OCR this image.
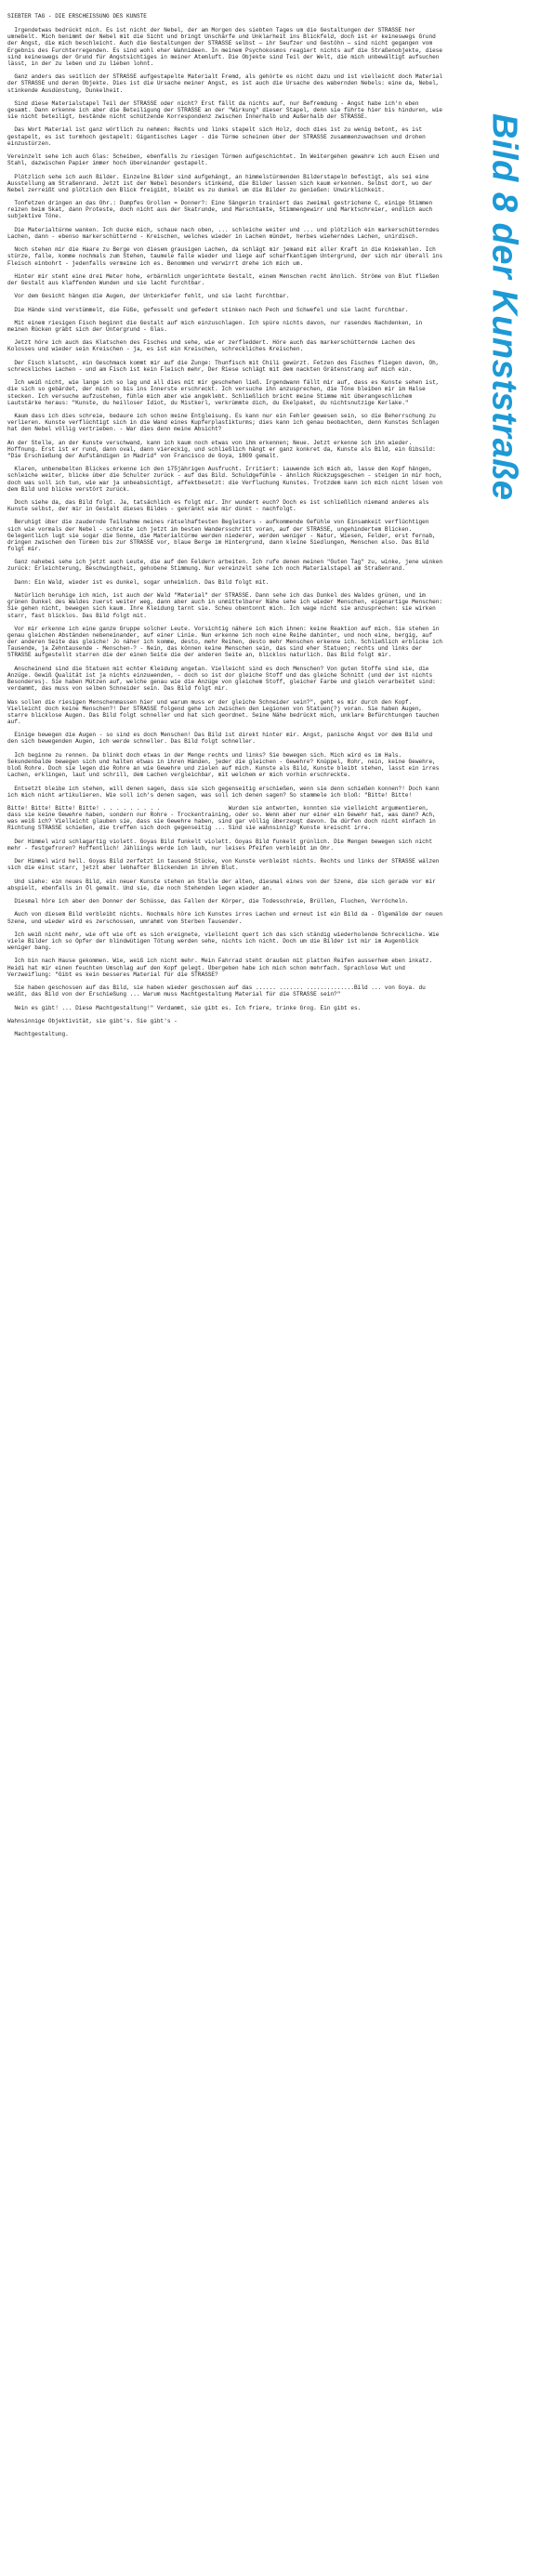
SIEBTER TAG - DIE ERSCHEISSUNG DES KUNSTE

Irgendetwas bedrückt mich. Es ist nicht der Nebel, der am Morgen des siebten Tages um die Gestaltungen der STRASSE her umnebelt. Mich benimmt der Nebel mit die Sicht und bringt Unschärfe und Unklarheit ins Blickfeld, doch ist er keineswegs Grund der Angst, die mich beschleicht. Auch die Gestaltungen der STRASSE selbst — ihr Seufzer und Gestöhn — sind nicht gegangen vom Ergebnis des Furchterregenden. Es sind wohl eher Wahnideen. In meinem Psychokosmos reagiert nichts auf die Straßenobjekte, diese sind keineswegs der Grund für Angstsichtiges in meiner Atemluft. Die Objekte sind Teil der Welt, die mich unbewältigt aufsuchen lässt, in der zu leben und zu lieben lohnt.

Ganz anders das seitlich der STRASSE aufgestapelte Materialt Fremd, als gehörte es nicht dazu und ist vielleicht doch Material der STRASSE und deren Objekte. Dies ist die Ursache meiner Angst, es ist auch die Ursache des wabernden Nebels: eine da, Nebel, stinkende Ausdünstung, Dunkelheit.

Sind diese Materialstapel Teil der STRASSE oder nicht? Erst fällt da nichts auf, nur Befremdung - Angst habe ich'n eben gesamt. Dann erkenne ich aber die Beteiligung der STRASSE an der "Wirkung" dieser Stapel, denn sie führte hier bis hinduren, wie sie nicht beteiligt, bestände nicht schützende Korrespondenz zwischen Innerhalb und Außerhalb der STRASSE.

Das Wort Material ist ganz wörtlich zu nehmen: Rechts und links stapelt sich Holz, doch dies ist zu wenig betont, es ist gestapelt, es ist turmhoch gestapelt: Gigantisches Lager - die Türme scheinen über der STRASSE zusammenzuwachsen und drohen einzustürzen.

Vereinzelt sehe ich auch Glas: Scheiben, ebenfalls zu riesigen Türmen aufgeschichtet. Im Weitergehen gewahre ich auch Eisen und Stahl, dazwischen Papier immer hoch übereinander gestapelt.

Plötzlich sehe ich auch Bilder. Einzelne Bilder sind aufgehängt, an himmelstürmenden Bilderstapeln befestigt, als sei eine Ausstellung am Straßenrand. Jetzt ist der Nebel besonders stinkend, die Bilder lassen sich kaum erkennen. Selbst dort, wo der Nebel zerreißt und plötzlich den Blick freigibt, bleibt es zu dunkel um die Bilder zu genießen: Unwirklichkeit.

Tonfetzen dringen an das Ohr.: Dumpfes Grollen = Donner?: Eine Sängerin trainiert das zweimal gestrichene C, einige Stimmen reizen beim Skat, dann Proteste, doch nicht aus der Skatrunde, und Marschtakte, Stimmengewirr und Marktschreier, endlich auch subjektive Töne.

Die Materialtürme wanken. Ich ducke mich, schaue nach oben, ... schleiche weiter und ... und plötzlich ein markerschütterndes Lachen, dann - ebenso markerschütternd - Kreischen, welches wieder in Lachen mündet, herbes wieherndes Lachen, unirdisch.

Noch stehen mir die Haare zu Berge von diesem grausigen Lachen, da schlägt mir jemand mit aller Kraft in die Kniekehlen. Ich stürze, falle, komme nochmals zum Stehen, taumele falle wieder und liege auf scharfkantigem Untergrund, der sich mir überall ins Fleisch einbohrt - jedenfalls vermeine ich es. Benommen und verwirrt drehe ich mich um.

Hinter mir steht eine drei Meter hohe, erbärmlich ungerichtete Gestalt, einem Menschen recht ähnlich. Ströme von Blut fließen der Gestalt aus klaffenden Wunden und sie lacht furchtbar.

Vor dem Gesicht hängen die Augen, der Unterkiefer fehlt, und sie lacht furchtbar.

Die Hände sind verstümmelt, die Füße, gefesselt und gefedert stinken nach Pech und Schwefel und sie lacht furchtbar.

Mit einem riesigen Fisch beginnt die Gestalt auf mich einzuschlagen. Ich spüre nichts davon, nur rasendes Nachdenken, in meinen Rücken gräbt sich der Untergrund - Glas.

Jetzt höre ich auch das Klatschen des Fisches und sehe, wie er zerfleddert. Höre auch das markerschütternde Lachen des Kolosses und wieder sein Kreischen - ja, es ist ein Kreischen, schreckliches Kreischen.

Der Fisch klatscht, ein Geschmack kommt mir auf die Zunge: Thunfisch mit Chili gewürzt. Fetzen des Fisches fliegen davon, Oh, schreckliches Lachen - und am Fisch ist kein Fleisch mehr, Der Riese schlägt mit dem nackten Grätenstrang auf mich ein.

Ich weiß nicht, wie lange ich so lag und all dies mit mir geschehen ließ. Irgendwann fällt mir auf, dass es Kunste sehen ist, die sich so gebärdet, der mich so bis ins Innerste erschreckt. Ich versuche ihn anzusprechen, die Töne bleiben mir im Halse stecken. Ich versuche aufzustehen, fühle mich aber wie angeklebt. Schließlich bricht meine Stimme mit überangeschlichem Lautstärke heraus: "Kunste, du heilloser Idiot, du Mistkerl, verkrümmte dich, du Ekelpaket, du nichtsnutzige Kerlake."

Kaum dass ich dies schreie, bedaure ich schon meine Entgleisung. Es kann nur ein Fehler gewesen sein, so die Beherrschung zu verlieren. Kunste verflüchtigt sich in die Wand eines Kupferplastikturms; dies kann ich genau beobachten, denn Kunstes Schlagen hat den Nebel völlig vertrieben. - War dies denn meine Absicht?

An der Stelle, an der Kunste verschwand, kann ich kaum noch etwas von ihm erkennen; Neue. Jetzt erkenne ich ihn wieder. Hoffnung. Erst ist er rund, dann oval, dann viereckig, und schließlich hängt er ganz konkret da, Kunste als Bild, ein Gibsild: "Die Erschießung der Aufständigen in Madrid" von Francisco de Goya, 1809 gemalt.

Klaren, unbenebelten Blickes erkenne ich den 175jährigen Ausfrucht. Irritiert: Lauwende ich mich ab, lasse den Kopf hängen, schleiche weiter, blicke über die Schulter zurück - auf das Bild. Schuldgefühle - ähnlich Rückzugsgeschen - steigen in mir hoch, doch was soll ich tun, wie war ja unbeabsichtigt, affektbesetzt: die Verfluchung Kunstes. Trotzdem kann ich mich nicht lösen von dem Bild und blicke verstört zurück.

Doch siehe da, das Bild folgt. Ja, tatsächlich es folgt mir. Ihr wundert euch? Doch es ist schließlich niemand anderes als Kunste selbst, der mir in Gestalt dieses Bildes - gekränkt wie mir dünkt - nachfolgt.

Beruhigt über die zaudernde Teilnahme meines rätselhaftesten Begleiters - aufkommende Gefühle von Einsamkeit verflüchtigen sich wie vormals der Nebel - schreite ich jetzt im besten Wandersschritt voran, auf der STRASSE, ungehindertem Blicken. Gelegentlich lugt sie sogar die Sonne, die Materialtürme werden niederer, werden weniger - Natur, Wiesen, Felder, erst fernab, dringen zwischen den Türmen bis zur STRASSE vor, blaue Berge im Hintergrund, dann kleine Siedlungen, Menschen also. Das Bild folgt mir.

Ganz nahebei sehe ich jetzt auch Leute, die auf den Feldern arbeiten. Ich rufe denen meinen "Guten Tag" zu, winke, jene winken zurück: Erleichterung, Beschwingtheit, gehobene Stimmung. Nur vereinzelt sehe ich noch Materialstapel am Straßenrand.

Dann: Ein Wald, wieder ist es dunkel, sogar unheimlich. Das Bild folgt mit.

Natürlich beruhige ich mich, ist auch der Wald "Material" der STRASSE. Dann sehe ich das Dunkel des Waldes grünen, und im grünen Dunkel des Waldes zuerst weiter weg, dann aber auch in unmittelbarer Nähe sehe ich wieder Menschen, eigenartige Menschen: Sie gehen nicht, bewegen sich kaum. Ihre Kleidung tarnt sie. Scheu obentonnt mich. Ich wage nicht sie anzusprechen: sie wirken starr, fast blicklos. Das Bild folgt mit.

Vor mir erkenne ich eine ganze Gruppe solcher Leute. Vorsichtig nähere ich mich ihnen: keine Reaktion auf mich. Sie stehen in genau gleichen Abständen nebeneinander, auf einer Linie. Nun erkenne ich noch eine Reihe dahinter, und noch eine, bergig, auf der anderen Seite das gleiche! Jo näher ich komme, desto, mehr Reihen, desto mehr Menschen erkenne ich. Schließlich erblicke ich Tausende, ja Zehntausende - Menschen-? - Nein, das können keine Menschen sein, das sind eher Statuen; rechts und links der STRASSE aufgestellt starren die der einen Seite die der anderen Seite an, blicklos naturlich. Das Bild folgt mir.

Anscheinend sind die Statuen mit echter Kleidung angetan. Vielleicht sind es doch Menschen? Von guten Stoffe sind sie, die Anzüge. Gewiß Qualität ist ja nichts einzuwenden, - doch so ist dor gleiche Stoff und das gleiche Schnitt (und der ist nichts Besonderes). Sie haben Mützen auf, welche genau wie die Anzüge von gleichem Stoff, gleicher Farbe und gleich verarbeitet sind: verdammt, das muss von selben Schneider sein. Das Bild folgt mir.

Was sollen die riesigen Menschenmassen hier und warum muss er der gleiche Schneider sein?", geht es mir durch den Kopf. Vielleicht doch keine Menschen?! Der STRASSE folgend gehe ich zwischen den Legionen von Statuen(?) voran. Sie haben Augen, starre blicklose Augen. Das Bild folgt schneller und hat sich geordnet. Seine Nähe bedrückt mich, unklare Befürchtungen tauchen auf.

Einige bewegen die Augen - so sind es doch Menschen! Das Bild ist direkt hinter mir. Angst, panische Angst vor dem Bild und den sich bewegenden Augen, ich werde schneller. Das Bild folgt schneller.

Ich beginne zu rennen. Da blinkt doch etwas in der Menge rechts und links? Sie bewegen sich. Mich wird es im Hals. Sekundenbalde bewegen sich und halten etwas in ihren Händen, jeder die gleichen - Gewehre? Knüppel, Rohr, nein, keine Gewehre, bloß Rohre. Doch sie legen die Rohre an wie Gewehre und zielen auf mich. Kunste als Bild, Kunste bleibt stehen, lasst ein irres Lachen, erklingen, laut und schrill, dem Lachen vergleichbar, mit welchem er mich vorhin erschreckte.

Entsetzt bleibe ich stehen, will denen sagen, dass sie sich gegenseitig erschießen, wenn sie denn schießen konnen?! Doch kann ich mich nicht artikulieren. Wie soll ich's denen sagen, was soll ich denen sagen? So stammele ich bloß: "Bitte! Bitte!

Bitte! Bitte! Bitte! Bitte! . . . . . . . . .                    Wurden sie antworten, konnten sie vielleicht argumentieren, dass sie keine Gewehre haben, sondern nur Rohre - Trockentraining, oder so. Wenn aber nur einer ein Gewehr hat, was dann? Ach, was weiß ich? Vielleicht glauben sie, dass sie Gewehre haben, sind gar völlig überzeugt davon. Da dürfen doch nicht einfach in Richtung STRASSE schießen, die treffen sich doch gegenseitig ... Sind sie wahnsinnig? Kunste kreischt irre.

Der Himmel wird schlagartig violett. Goyas Bild funkelt violett. Goyas Bild funkelt grünlich. Die Mengen bewegen sich nicht mehr - festgefroren? Hoffentlich! Jähliings werde ich laub, nur leises Pfeifen verbleibt im Ohr.

Der Himmel wird hell. Goyas Bild zerfetzt in tausend Stücke, von Kunste verbleibt nichts. Rechts und links der STRASSE wälzen sich die einst starr, jetzt aber lebhafter Blickenden in ihrem Blut.

Und siehe: ein neues Bild, ein neuer Kunste stehen an Stelle der alten, diesmal eines von der Szene, die sich gerade vor mir abspielt, ebenfalls in Öl gemalt. Und sie, die noch Stehenden legen wieder an.

Diesmal höre ich aber den Donner der Schüsse, das Fallen der Körper, die Todesschreie, Brüllen, Fluchen, Verröcheln.

Auch von diesem Bild verbleibt nichts. Nochmals höre ich Kunstes irres Lachen und erneut ist ein Bild da - Ölgemälde der neuen Szene, und wieder wird es zerschossen, umrahmt vom Sterben Tausender.

Ich weiß nicht mehr, wie oft wie oft es sich ereignete, vielleicht quert ich das sich ständig wiederholende Schreckliche. Wie viele Bilder ich so Opfer der blindwütigen Tötung werden sehe, nichts ich nicht. Doch um die Bilder ist mir im Augenblick weniger bang.

Ich bin nach Hause gekommen. Wie, weiß ich nicht mehr. Mein Fahrrad steht draußen mit platten Reifen ausserhem eben inkatz. Heidi hat mir einen feuchten Umschlag auf den Kopf gelegt. Übergeben habe ich mich schon mehrfach. Sprachlose Wut und Verzweiflung: "Gibt es kein besseres Material für die STRASSE?

Sie haben geschossen auf das Bild, sie haben wieder geschossen auf das ...... ....... ..............Bild ... von Goya. du weißt, das Bild von der Erschießung ... Warum muss Machtgestaltung Material für die STRASSE sein?"

Nein es gibt! ... Diese Machtgestaltung!" Verdammt, sie gibt es. Ich friere, trinke Grog. Ein gibt es.

Wahnsinnige Objektivität, sie gibt's. Sie gibt's -

Machtgestaltung.

Bild 8 der Kunststraße
